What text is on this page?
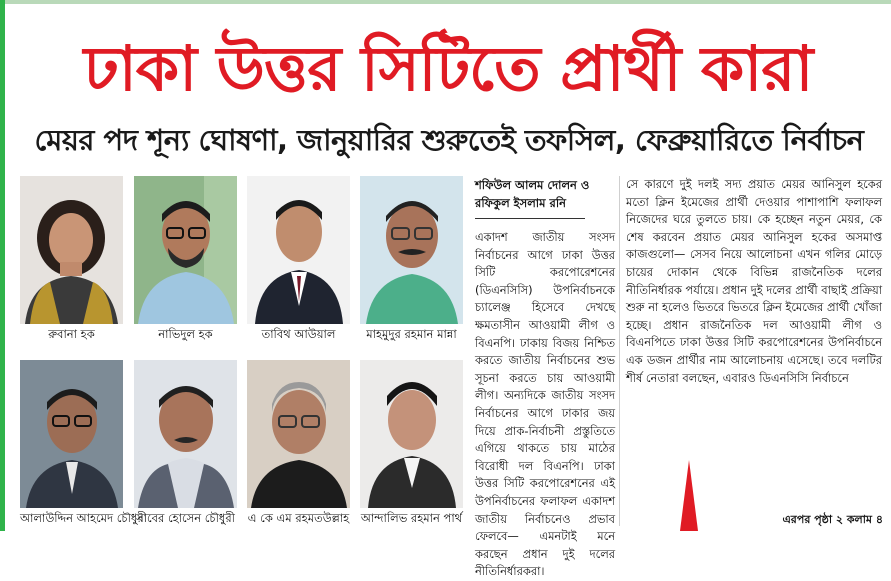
ঢাকা উত্তর সিটিতে প্রার্থী কারা
মেয়র পদ শূন্য ঘোষণা, জানুয়ারির শুরুতেই তফসিল, ফেব্রুয়ারিতে নির্বাচন
রুবানা হক	নাভিদুল হক	তাবিথ আউয়াল	মাহমুদুর রহমান মান্না
আলাউদ্দিন আহমেদ চৌধুরী
সাবের হোসেন চৌধুরী এ কে এম রহমতউল্লাহ আন্দালিভ রহমান পার্থ
শফিউল আলম দোলন ও
রফিকুল ইসলাম রনি

একাদশ জাতীয় সংসদ নির্বাচনের আগে ঢাকা উত্তর সিটি করপোরেশনের (ডিএনসিসি) উপনির্বাচনকে চ্যালেঞ্জ হিসেবে দেখছে ক্ষমতাসীন আওয়ামী লীগ ও বিএনপি। ঢাকায় বিজয় নিশ্চিত করতে জাতীয় নির্বাচনের শুভ সূচনা করতে চায় আওয়ামী লীগ। অন্যদিকে জাতীয় সংসদ নির্বাচনের আগে ঢাকার জয় দিয়ে প্রাক-নির্বাচনী প্রস্তুতিতে এগিয়ে থাকতে চায় মাঠের বিরোধী দল বিএনপি। ঢাকা উত্তর সিটি করপোরেশনের এই উপনির্বাচনের ফলাফল একাদশ জাতীয় নির্বাচনেও প্রভাব ফেলবে— এমনটাই মনে করছেন প্রধান দুই দলের নীতিনির্ধারকরা।

সে কারণে দুই দলই সদ্য প্রয়াত মেয়র আনিসুল হকের মতো ক্লিন ইমেজের প্রার্থী দেওয়ার পাশাপাশি ফলাফল নিজেদের ঘরে তুলতে চায়। কে হচ্ছেন নতুন মেয়র, কে শেষ করবেন প্রয়াত মেয়র আনিসুল হকের অসমাপ্ত কাজগুলো— সেসব নিয়ে আলোচনা এখন গলির মোড়ে চায়ের দোকান থেকে বিভিন্ন রাজনৈতিক দলের নীতিনির্ধারক পর্যায়ে। প্রধান দুই দলের প্রার্থী বাছাই প্রক্রিয়া শুরু না হলেও ভিতরে ভিতরে ক্লিন ইমেজের প্রার্থী খোঁজা হচ্ছে। প্রধান রাজনৈতিক দল আওয়ামী লীগ ও বিএনপিতে ঢাকা উত্তর সিটি করপোরেশনের উপনির্বাচনে এক ডজন প্রার্থীর নাম আলোচনায় এসেছে। তবে দলটির শীর্ষ নেতারা বলছেন, এবারও ডিএনসিসি নির্বাচনে

এরপর পৃষ্ঠা ২ কলাম ৪
